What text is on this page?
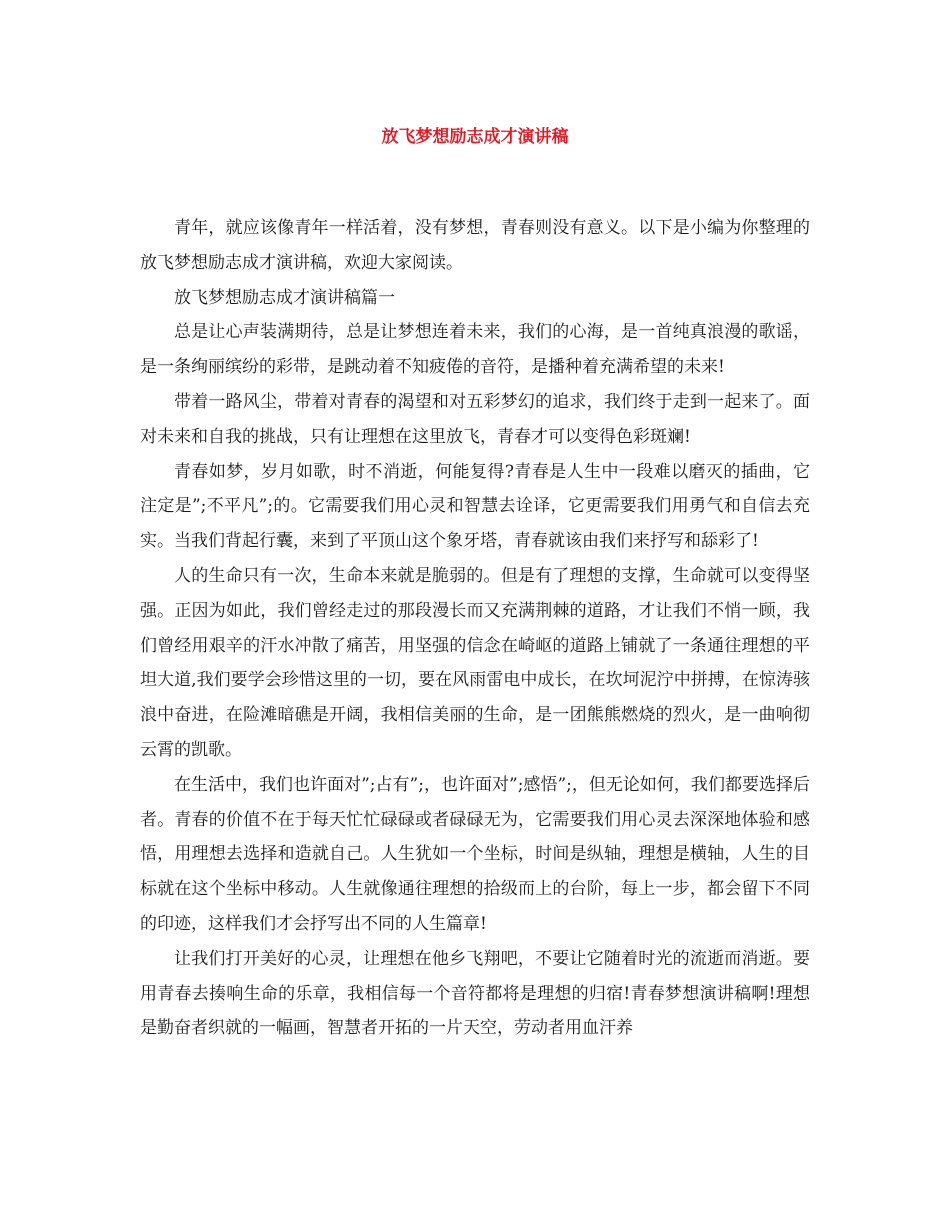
放飞梦想励志成才演讲稿

青年，就应该像青年一样活着，没有梦想，青春则没有意义。以下是小编为你整理的放飞梦想励志成才演讲稿，欢迎大家阅读。

放飞梦想励志成才演讲稿篇一

总是让心声装满期待，总是让梦想连着未来，我们的心海，是一首纯真浪漫的歌谣，是一条绚丽缤纷的彩带，是跳动着不知疲倦的音符，是播种着充满希望的未来!

带着一路风尘，带着对青春的渴望和对五彩梦幻的追求，我们终于走到一起来了。面对未来和自我的挑战，只有让理想在这里放飞，青春才可以变得色彩斑斓!

青春如梦，岁月如歌，时不消逝，何能复得?青春是人生中一段难以磨灭的插曲，它注定是”;不平凡”;的。它需要我们用心灵和智慧去诠译，它更需要我们用勇气和自信去充实。当我们背起行囊，来到了平顶山这个象牙塔，青春就该由我们来抒写和舔彩了!

人的生命只有一次，生命本来就是脆弱的。但是有了理想的支撑，生命就可以变得坚强。正因为如此，我们曾经走过的那段漫长而又充满荆棘的道路，才让我们不悄一顾，我们曾经用艰辛的汗水冲散了痛苦，用坚强的信念在崎岖的道路上铺就了一条通往理想的平坦大道,我们要学会珍惜这里的一切，要在风雨雷电中成长，在坎坷泥泞中拼搏，在惊涛骇浪中奋进，在险滩暗礁是开阔，我相信美丽的生命，是一团熊熊燃烧的烈火，是一曲响彻云霄的凯歌。

在生活中，我们也许面对”;占有”;，也许面对”;感悟”;，但无论如何，我们都要选择后者。青春的价值不在于每天忙忙碌碌或者碌碌无为，它需要我们用心灵去深深地体验和感悟，用理想去选择和造就自己。人生犹如一个坐标，时间是纵轴，理想是横轴，人生的目标就在这个坐标中移动。人生就像通往理想的拾级而上的台阶，每上一步，都会留下不同的印迹，这样我们才会抒写出不同的人生篇章!

让我们打开美好的心灵，让理想在他乡飞翔吧，不要让它随着时光的流逝而消逝。要用青春去揍响生命的乐章，我相信每一个音符都将是理想的归宿!青春梦想演讲稿啊!理想是勤奋者织就的一幅画，智慧者开拓的一片天空，劳动者用血汗养
